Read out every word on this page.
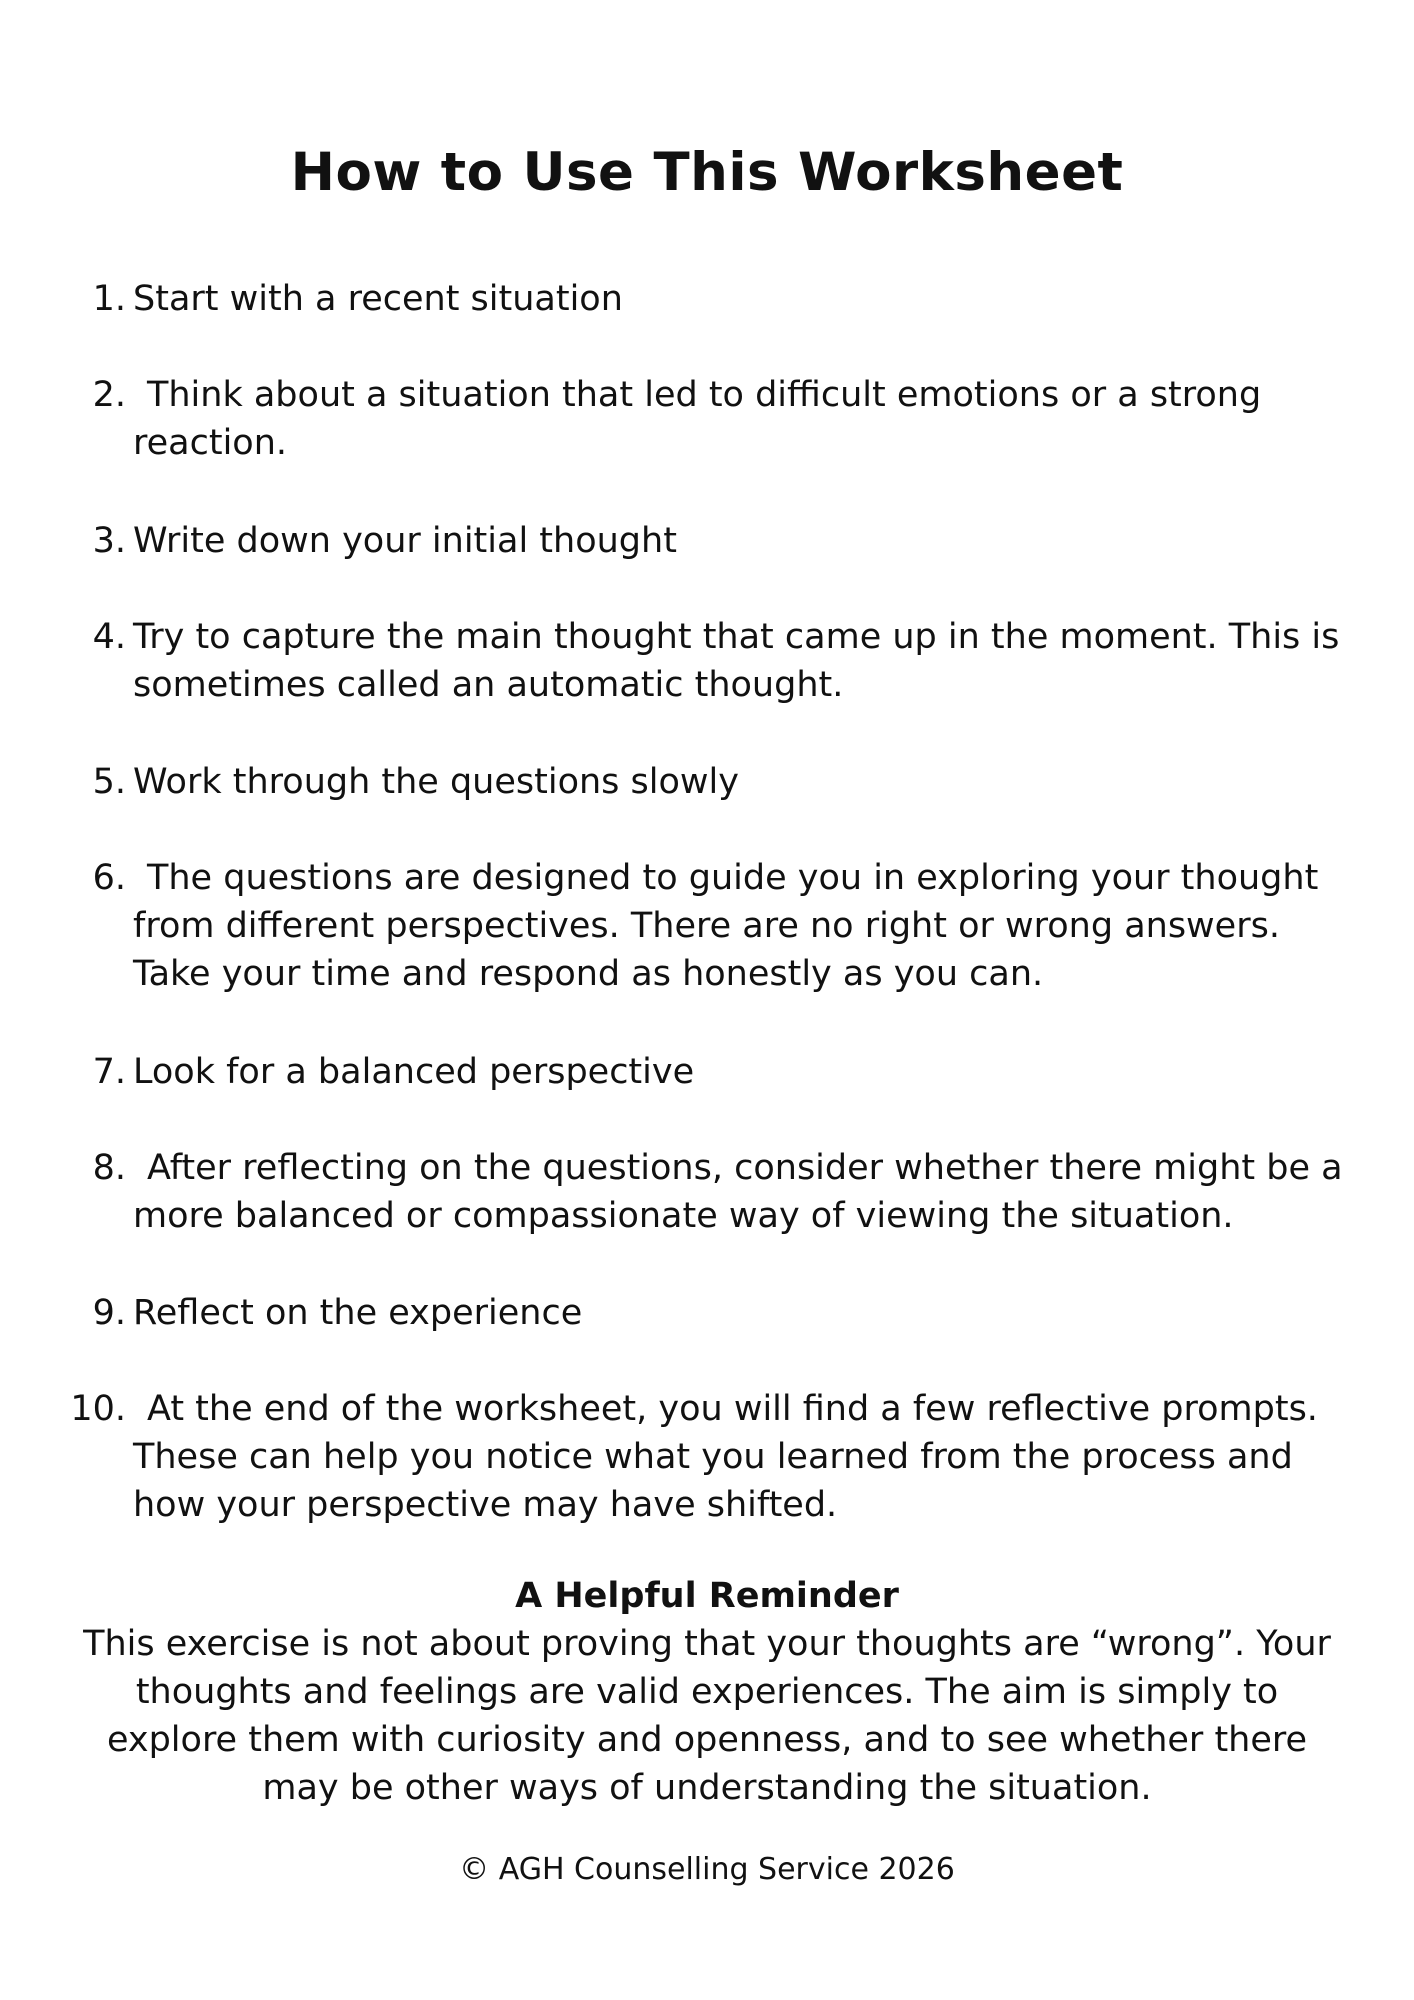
How to Use This Worksheet
1. Start with a recent situation
2. Think about a situation that led to difficult emotions or a strong reaction.
3. Write down your initial thought
4. Try to capture the main thought that came up in the moment. This is sometimes called an automatic thought.
5. Work through the questions slowly
6. The questions are designed to guide you in exploring your thought from different perspectives. There are no right or wrong answers. Take your time and respond as honestly as you can.
7. Look for a balanced perspective
8. After reflecting on the questions, consider whether there might be a more balanced or compassionate way of viewing the situation.
9. Reflect on the experience
10. At the end of the worksheet, you will find a few reflective prompts. These can help you notice what you learned from the process and how your perspective may have shifted.
A Helpful Reminder
This exercise is not about proving that your thoughts are “wrong”. Your thoughts and feelings are valid experiences. The aim is simply to explore them with curiosity and openness, and to see whether there may be other ways of understanding the situation.
© AGH Counselling Service 2026
